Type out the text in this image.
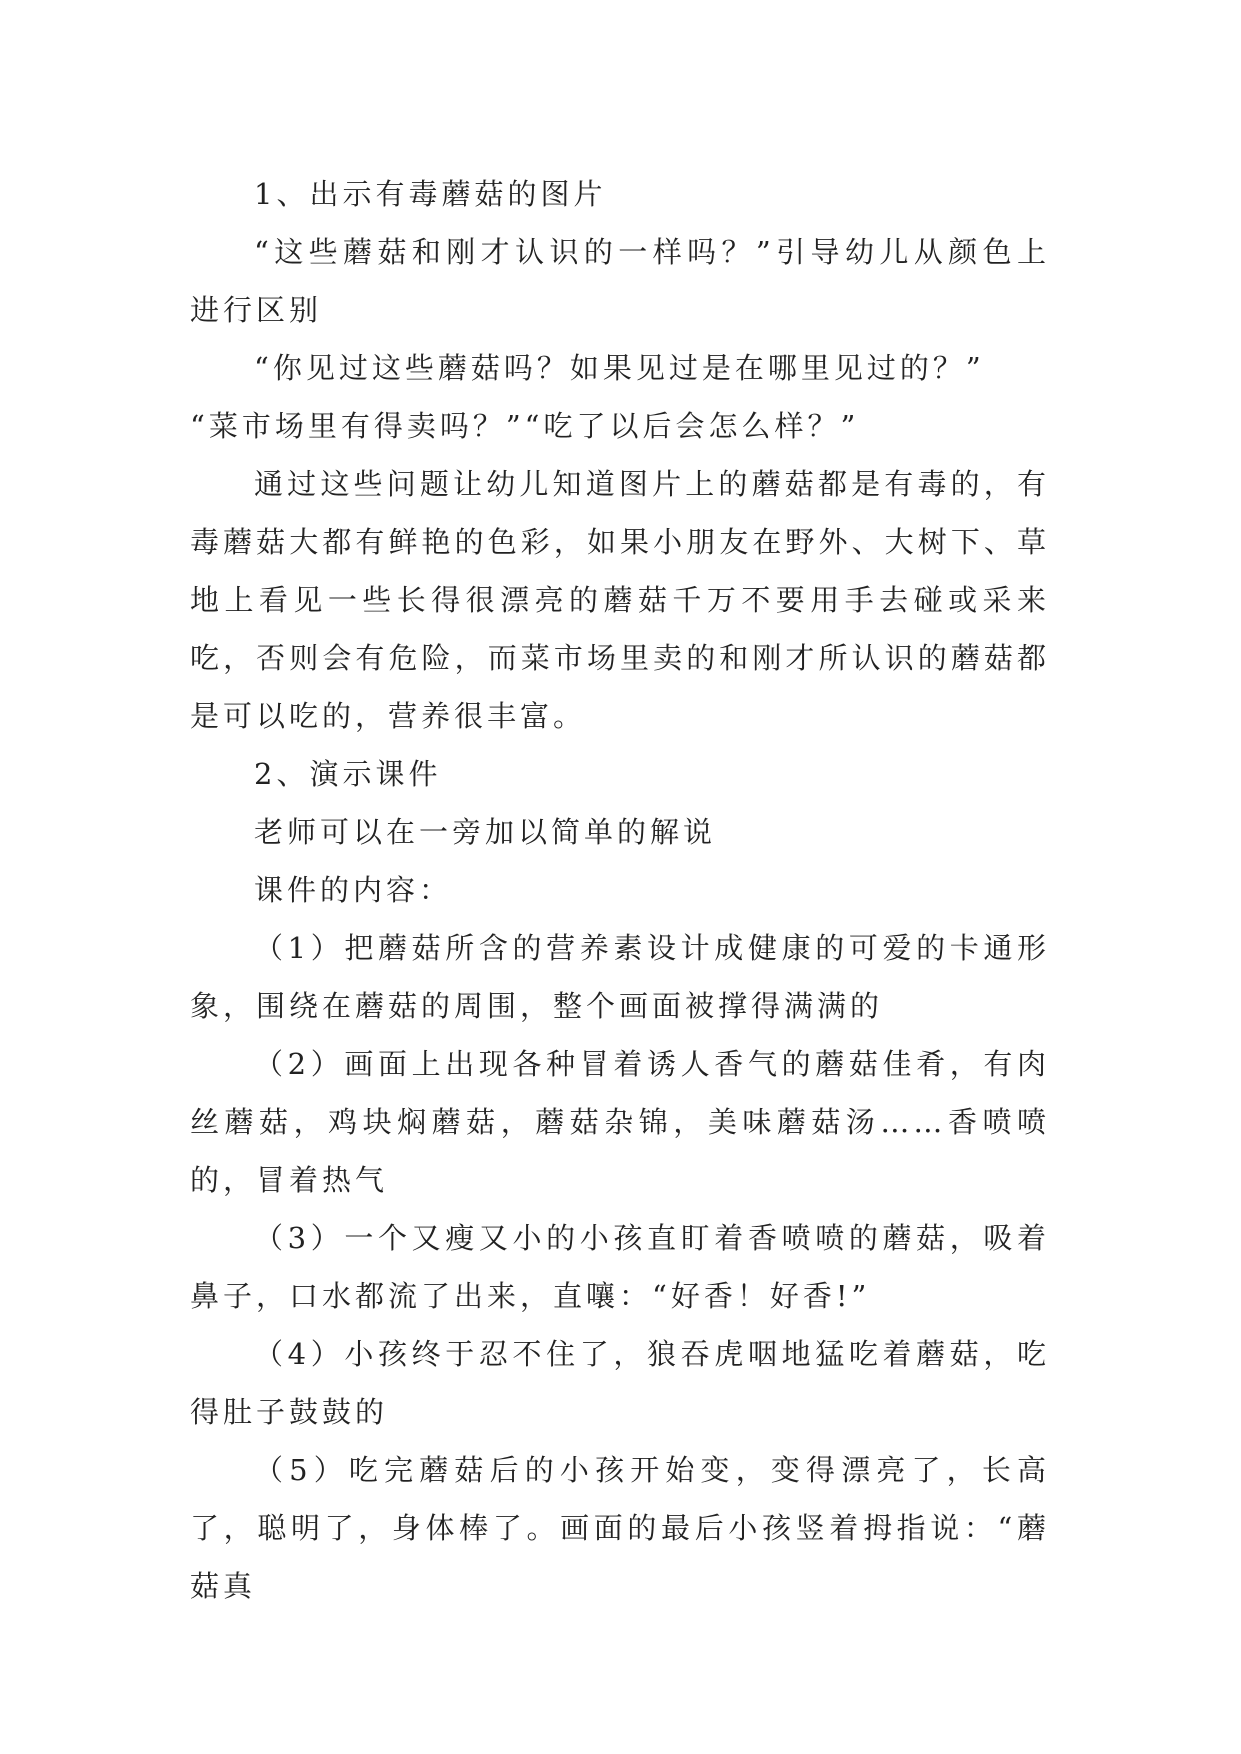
1、出示有毒蘑菇的图片

“这些蘑菇和刚才认识的一样吗？”引导幼儿从颜色上进行区别

“你见过这些蘑菇吗？如果见过是在哪里见过的？”

“菜市场里有得卖吗？”“吃了以后会怎么样？”

通过这些问题让幼儿知道图片上的蘑菇都是有毒的，有毒蘑菇大都有鲜艳的色彩，如果小朋友在野外、大树下、草地上看见一些长得很漂亮的蘑菇千万不要用手去碰或采来吃，否则会有危险，而菜市场里卖的和刚才所认识的蘑菇都是可以吃的，营养很丰富。

2、演示课件

老师可以在一旁加以简单的解说

课件的内容：

（1）把蘑菇所含的营养素设计成健康的可爱的卡通形象，围绕在蘑菇的周围，整个画面被撑得满满的

（2）画面上出现各种冒着诱人香气的蘑菇佳肴，有肉丝蘑菇，鸡块焖蘑菇，蘑菇杂锦，美味蘑菇汤……香喷喷的，冒着热气

（3）一个又瘦又小的小孩直盯着香喷喷的蘑菇，吸着鼻子，口水都流了出来，直嚷：“好香！好香!”

（4）小孩终于忍不住了，狼吞虎咽地猛吃着蘑菇，吃得肚子鼓鼓的

（5）吃完蘑菇后的小孩开始变，变得漂亮了，长高了，聪明了，身体棒了。画面的最后小孩竖着拇指说：“蘑菇真
